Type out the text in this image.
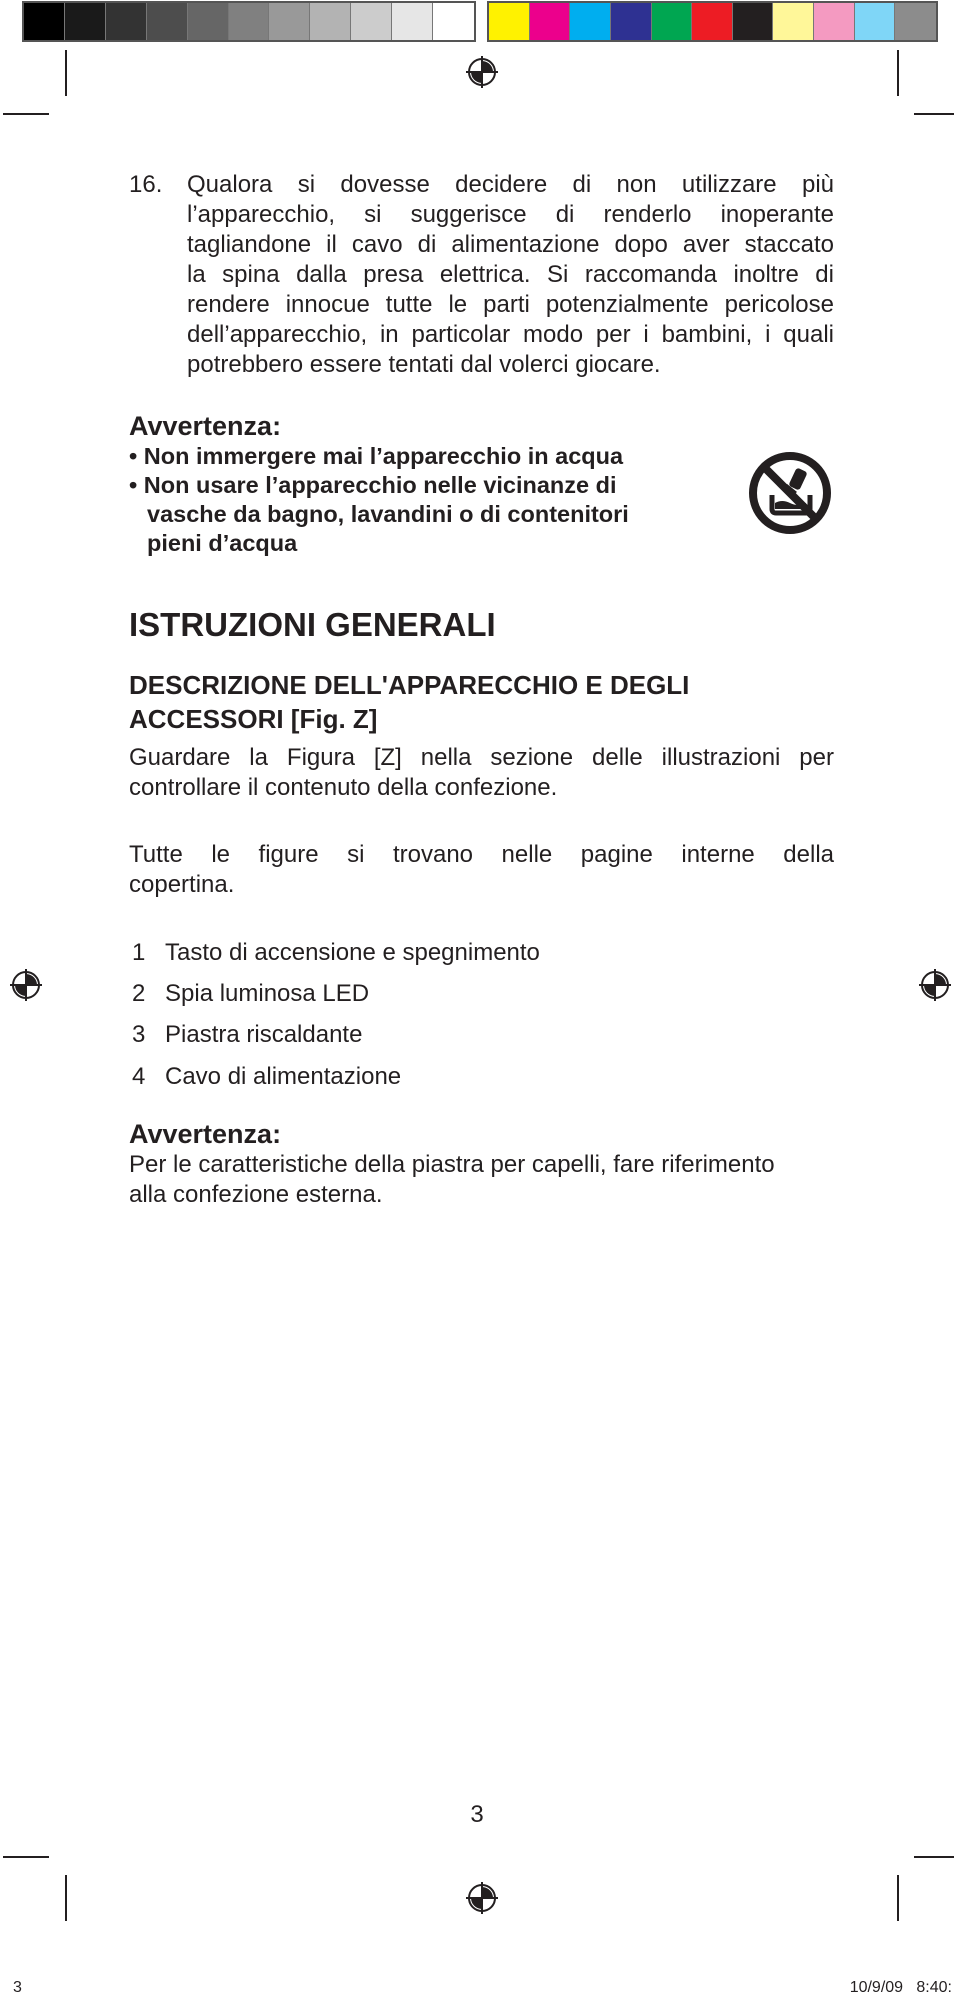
16. Qualora si dovesse decidere di non utilizzare più
l’apparecchio, si suggerisce di renderlo inoperante
tagliandone il cavo di alimentazione dopo aver staccato
la spina dalla presa elettrica. Si raccomanda inoltre di
rendere innocue tutte le parti potenzialmente pericolose
dell’apparecchio, in particolar modo per i bambini, i quali
potrebbero essere tentati dal volerci giocare.
Avvertenza:
• Non immergere mai l’apparecchio in acqua
• Non usare l’apparecchio nelle vicinanze di
vasche da bagno, lavandini o di contenitori
pieni d’acqua
ISTRUZIONI GENERALI
DESCRIZIONE DELL'APPARECCHIO E DEGLI
ACCESSORI [Fig. Z]
Guardare la Figura [Z] nella sezione delle illustrazioni per
controllare il contenuto della confezione.
Tutte le figure si trovano nelle pagine interne della
copertina.
1 Tasto di accensione e spegnimento
2 Spia luminosa LED
3 Piastra riscaldante
4 Cavo di alimentazione
Avvertenza:
Per le caratteristiche della piastra per capelli, fare riferimento
alla confezione esterna.
3
3	10/9/09   8:40:
